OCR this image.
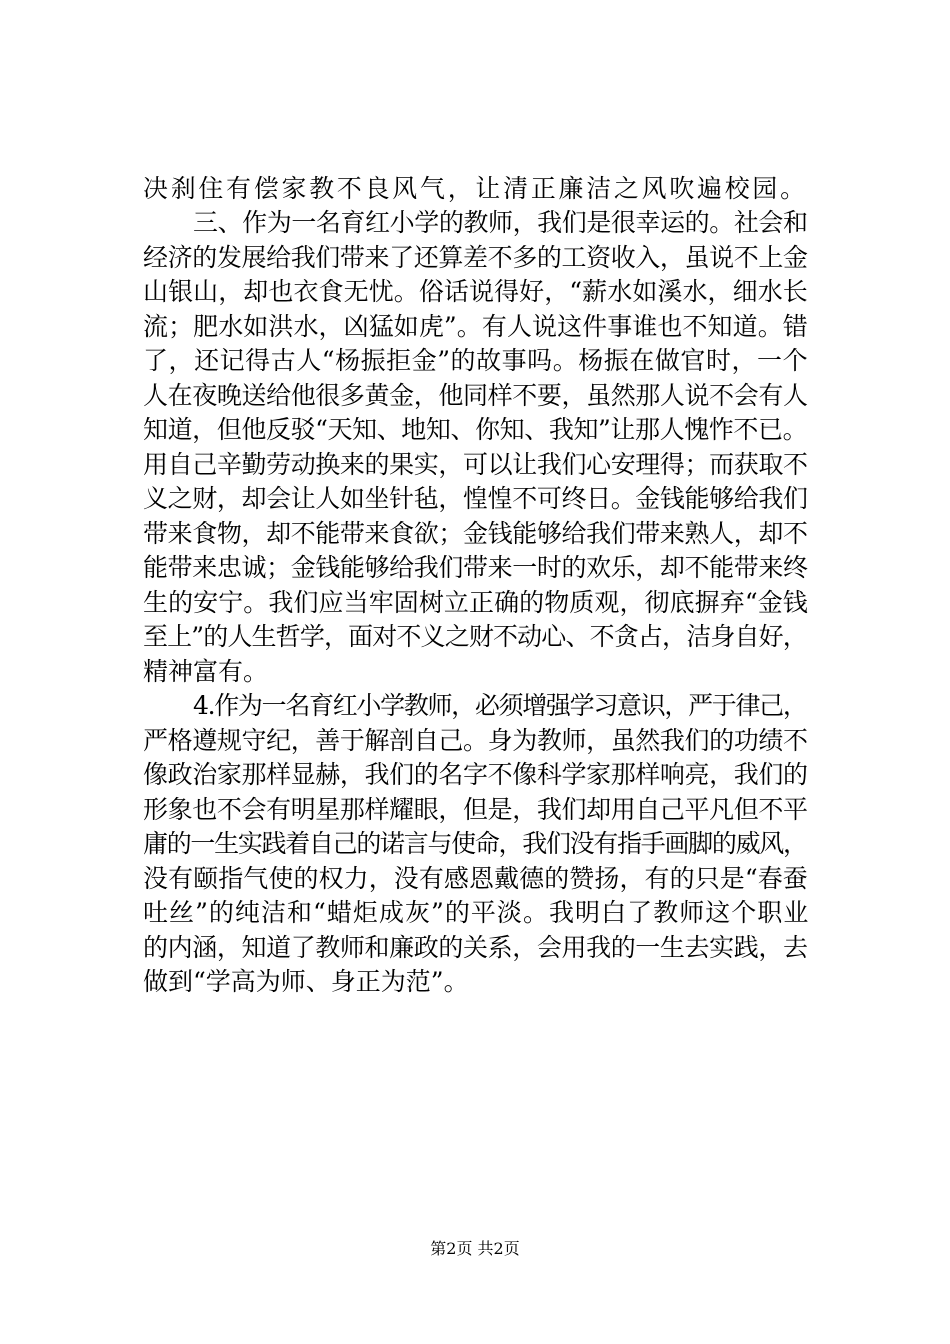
决刹住有偿家教不良风气，让清正廉洁之风吹遍校园。
三、作为一名育红小学的教师，我们是很幸运的。社会和
经济的发展给我们带来了还算差不多的工资收入，虽说不上金
山银山，却也衣食无忧。俗话说得好，“薪水如溪水，细水长
流；肥水如洪水，凶猛如虎”。有人说这件事谁也不知道。错
了，还记得古人“杨振拒金”的故事吗。杨振在做官时，一个
人在夜晚送给他很多黄金，他同样不要，虽然那人说不会有人
知道，但他反驳“天知、地知、你知、我知”让那人愧怍不已。
用自己辛勤劳动换来的果实，可以让我们心安理得；而获取不
义之财，却会让人如坐针毡，惶惶不可终日。金钱能够给我们
带来食物，却不能带来食欲；金钱能够给我们带来熟人，却不
能带来忠诚；金钱能够给我们带来一时的欢乐，却不能带来终
生的安宁。我们应当牢固树立正确的物质观，彻底摒弃“金钱
至上”的人生哲学，面对不义之财不动心、不贪占，洁身自好，
精神富有。
4.作为一名育红小学教师，必须增强学习意识，严于律己，
严格遵规守纪，善于解剖自己。身为教师，虽然我们的功绩不
像政治家那样显赫，我们的名字不像科学家那样响亮，我们的
形象也不会有明星那样耀眼，但是，我们却用自己平凡但不平
庸的一生实践着自己的诺言与使命，我们没有指手画脚的威风，
没有颐指气使的权力，没有感恩戴德的赞扬，有的只是“春蚕
吐丝”的纯洁和“蜡炬成灰”的平淡。我明白了教师这个职业
的内涵，知道了教师和廉政的关系，会用我的一生去实践，去
做到“学高为师、身正为范”。
第2页 共2页
